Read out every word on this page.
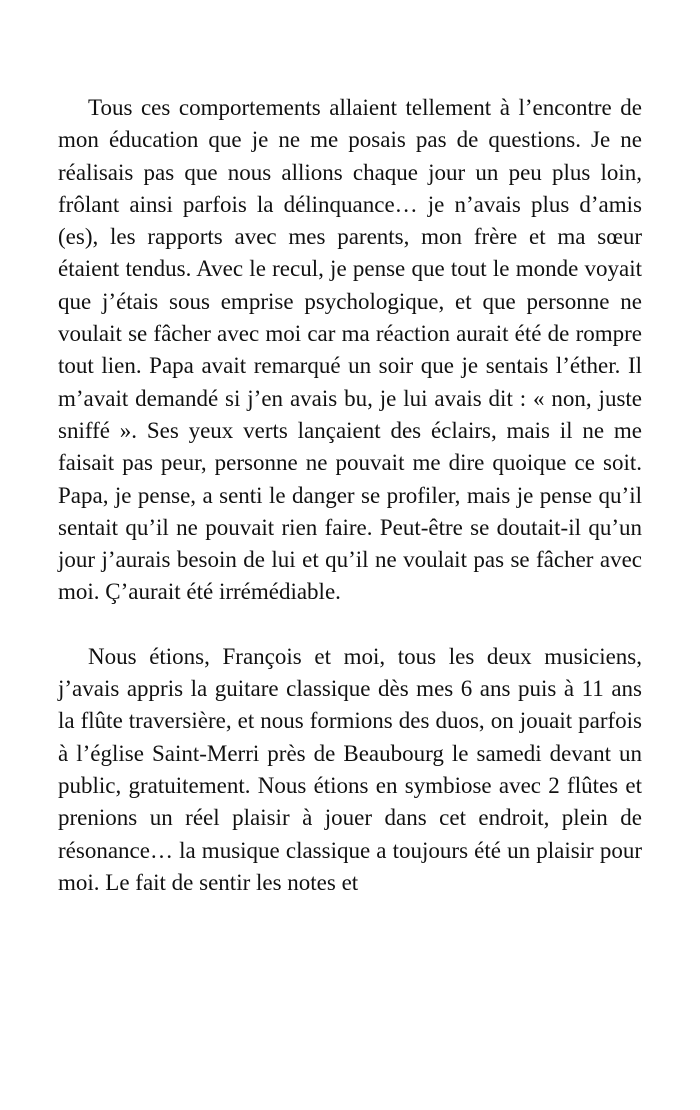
Tous ces comportements allaient tellement à l’encontre de mon éducation que je ne me posais pas de questions. Je ne réalisais pas que nous allions chaque jour un peu plus loin, frôlant ainsi parfois la délinquance… je n’avais plus d’amis (es), les rapports avec mes parents, mon frère et ma sœur étaient tendus. Avec le recul, je pense que tout le monde voyait que j’étais sous emprise psychologique, et que personne ne voulait se fâcher avec moi car ma réaction aurait été de rompre tout lien. Papa avait remarqué un soir que je sentais l’éther. Il m’avait demandé si j’en avais bu, je lui avais dit : « non, juste sniffé ». Ses yeux verts lançaient des éclairs, mais il ne me faisait pas peur, personne ne pouvait me dire quoique ce soit. Papa, je pense, a senti le danger se profiler, mais je pense qu’il sentait qu’il ne pouvait rien faire. Peut-être se doutait-il qu’un jour j’aurais besoin de lui et qu’il ne voulait pas se fâcher avec moi. Ç’aurait été irrémédiable.

Nous étions, François et moi, tous les deux musiciens, j’avais appris la guitare classique dès mes 6 ans puis à 11 ans la flûte traversière, et nous formions des duos, on jouait parfois à l’église Saint-Merri près de Beaubourg le samedi devant un public, gratuitement. Nous étions en symbiose avec 2 flûtes et prenions un réel plaisir à jouer dans cet endroit, plein de résonance… la musique classique a toujours été un plaisir pour moi. Le fait de sentir les notes et
